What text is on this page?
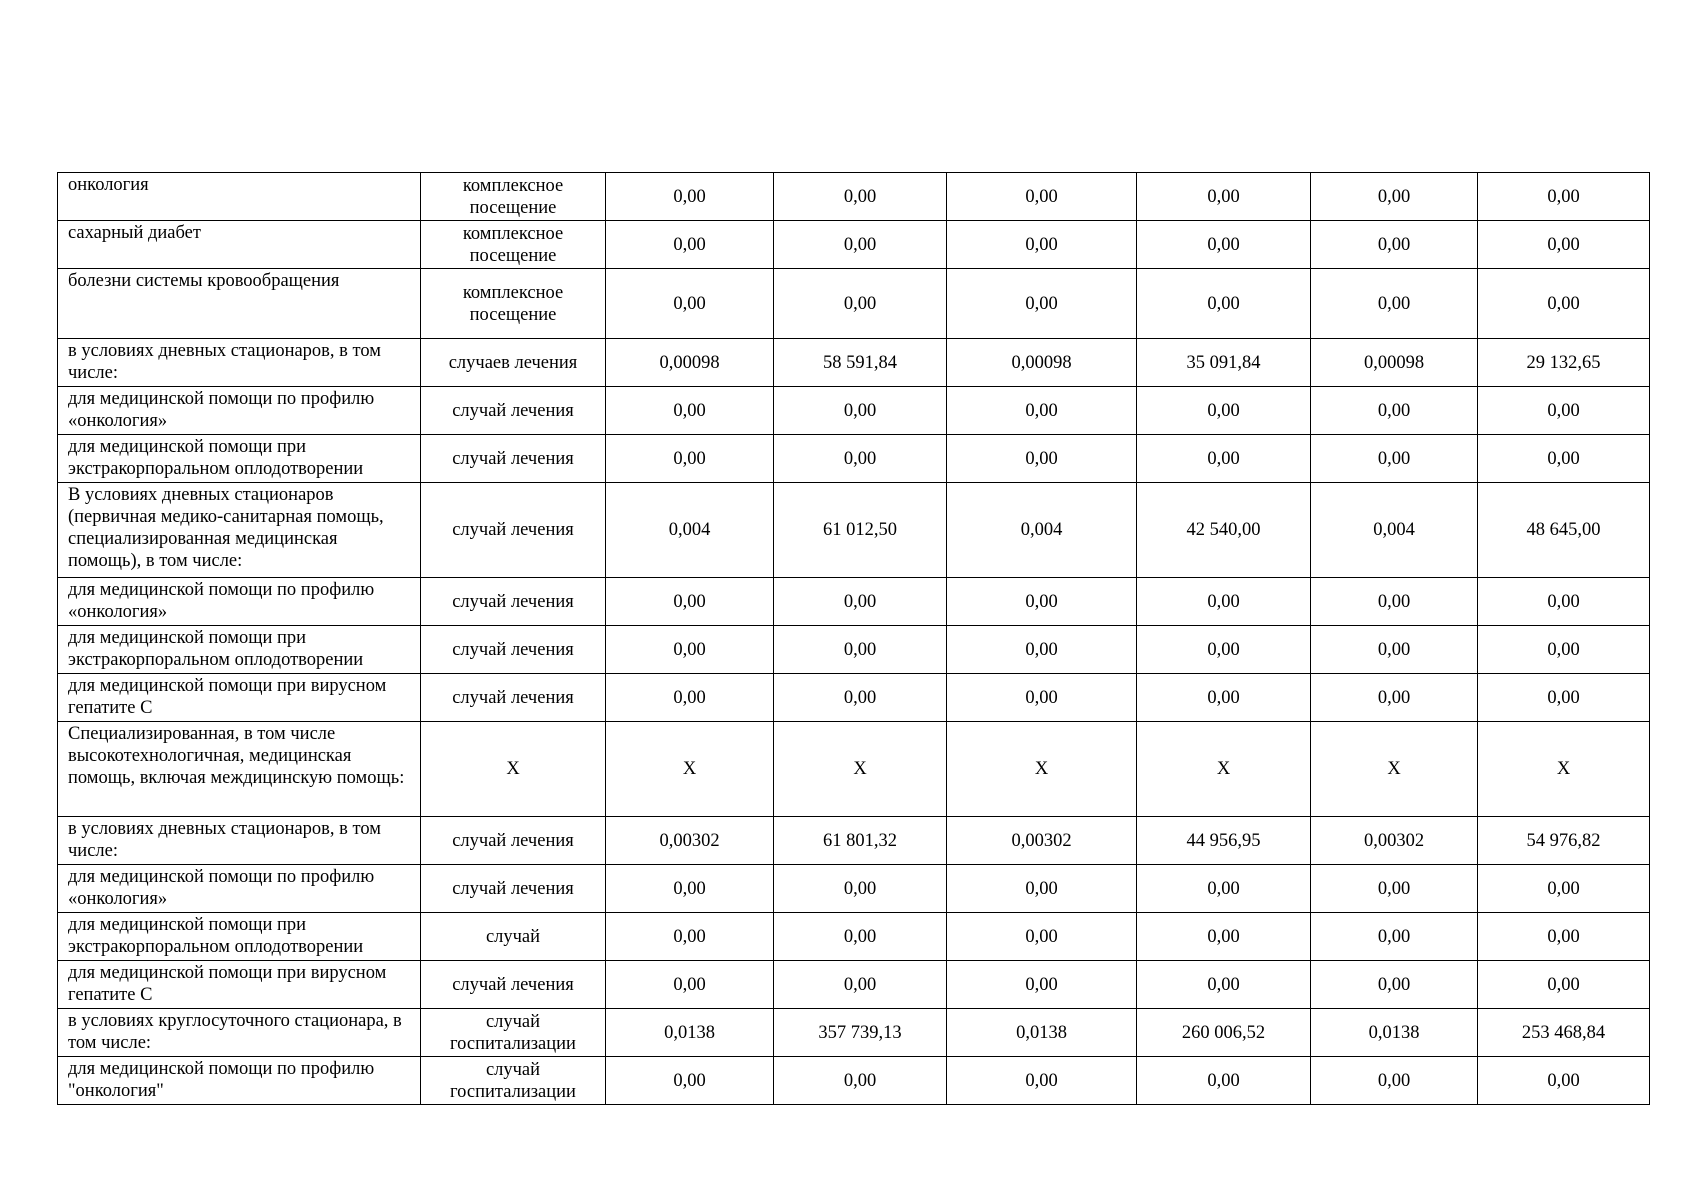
онкология	комплексное посещение	0,00	0,00	0,00	0,00	0,00	0,00
сахарный диабет	комплексное посещение	0,00	0,00	0,00	0,00	0,00	0,00
болезни системы кровообращения	комплексное посещение	0,00	0,00	0,00	0,00	0,00	0,00
в условиях дневных стационаров, в том числе:	случаев лечения	0,00098	58 591,84	0,00098	35 091,84	0,00098	29 132,65
для медицинской помощи по профилю «онкология»	случай лечения	0,00	0,00	0,00	0,00	0,00	0,00
для медицинской помощи при экстракорпоральном оплодотворении	случай лечения	0,00	0,00	0,00	0,00	0,00	0,00
В условиях дневных стационаров (первичная медико-санитарная помощь, специализированная медицинская помощь), в том числе:	случай лечения	0,004	61 012,50	0,004	42 540,00	0,004	48 645,00
для медицинской помощи по профилю «онкология»	случай лечения	0,00	0,00	0,00	0,00	0,00	0,00
для медицинской помощи при экстракорпоральном оплодотворении	случай лечения	0,00	0,00	0,00	0,00	0,00	0,00
для медицинской помощи при вирусном гепатите С	случай лечения	0,00	0,00	0,00	0,00	0,00	0,00
Специализированная, в том числе высокотехнологичная, медицинская помощь, включая междицинскую помощь:	X	X	X	X	X	X	X
в условиях дневных стационаров, в том числе:	случай лечения	0,00302	61 801,32	0,00302	44 956,95	0,00302	54 976,82
для медицинской помощи по профилю «онкология»	случай лечения	0,00	0,00	0,00	0,00	0,00	0,00
для медицинской помощи при экстракорпоральном оплодотворении	случай	0,00	0,00	0,00	0,00	0,00	0,00
для медицинской помощи при вирусном гепатите С	случай лечения	0,00	0,00	0,00	0,00	0,00	0,00
в условиях круглосуточного стационара, в том числе:	случай госпитализации	0,0138	357 739,13	0,0138	260 006,52	0,0138	253 468,84
для медицинской помощи по профилю "онкология"	случай госпитализации	0,00	0,00	0,00	0,00	0,00	0,00
